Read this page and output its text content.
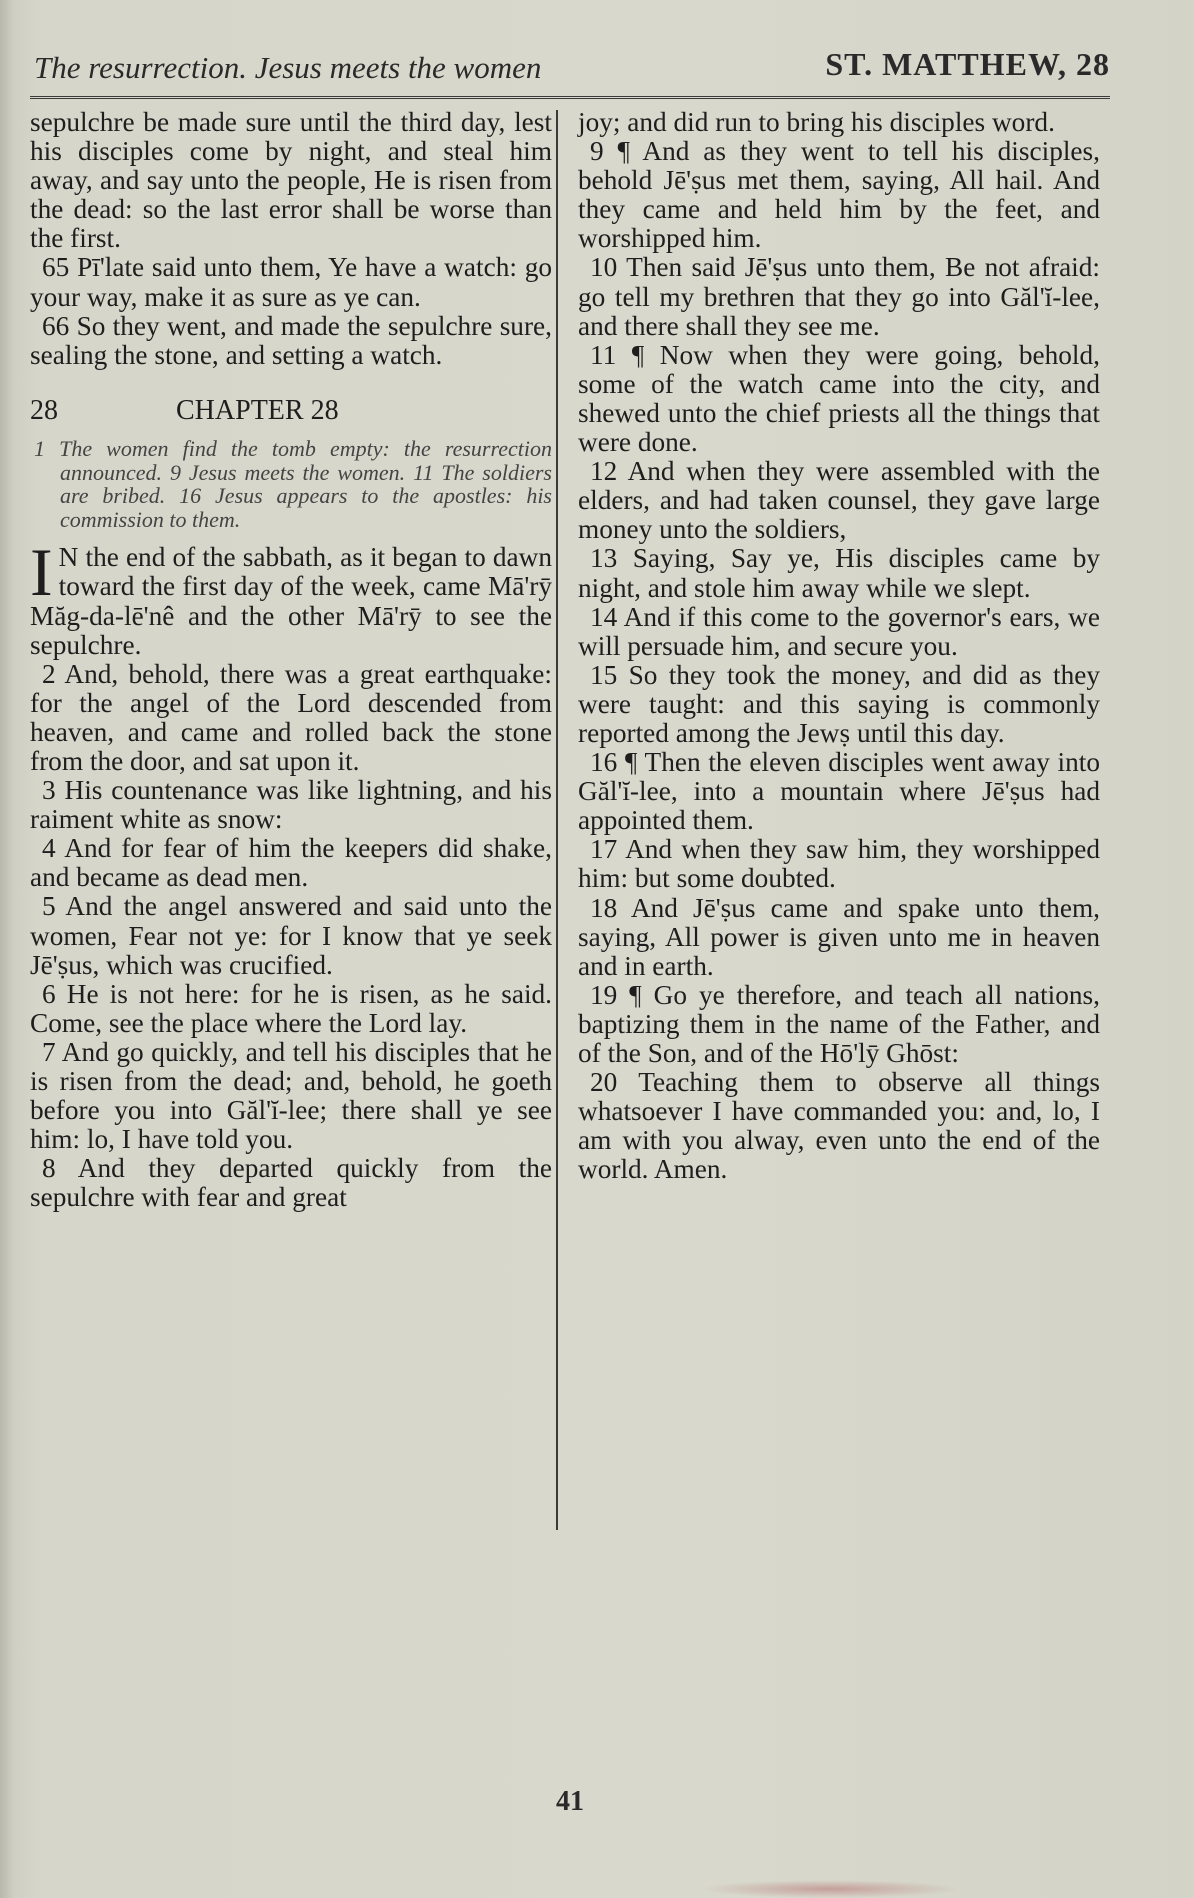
The resurrection. Jesus meets the women	ST. MATTHEW, 28

sepulchre be made sure until the third day, lest his disciples come by night, and steal him away, and say unto the people, He is risen from the dead: so the last error shall be worse than the first.

65 Pī'late said unto them, Ye have a watch: go your way, make it as sure as ye can.

66 So they went, and made the sepulchre sure, sealing the stone, and setting a watch.

28	CHAPTER 28

1 The women find the tomb empty: the resurrection announced. 9 Jesus meets the women. 11 The soldiers are bribed. 16 Jesus appears to the apostles: his commission to them.

I N the end of the sabbath, as it began to dawn toward the first day of the week, came Mā'rȳ Măg-da-lē'nê and the other Mā'rȳ to see the sepulchre.

2 And, behold, there was a great earthquake: for the angel of the Lord descended from heaven, and came and rolled back the stone from the door, and sat upon it.

3 His countenance was like lightning, and his raiment white as snow:

4 And for fear of him the keepers did shake, and became as dead men.

5 And the angel answered and said unto the women, Fear not ye: for I know that ye seek Jē'ṣus, which was crucified.

6 He is not here: for he is risen, as he said. Come, see the place where the Lord lay.

7 And go quickly, and tell his disciples that he is risen from the dead; and, behold, he goeth before you into Găl'ĭ-lee; there shall ye see him: lo, I have told you.

8 And they departed quickly from the sepulchre with fear and great

joy; and did run to bring his disciples word.

9 ¶ And as they went to tell his disciples, behold Jē'ṣus met them, saying, All hail. And they came and held him by the feet, and worshipped him.

10 Then said Jē'ṣus unto them, Be not afraid: go tell my brethren that they go into Găl'ĭ-lee, and there shall they see me.

11 ¶ Now when they were going, behold, some of the watch came into the city, and shewed unto the chief priests all the things that were done.

12 And when they were assembled with the elders, and had taken counsel, they gave large money unto the soldiers,

13 Saying, Say ye, His disciples came by night, and stole him away while we slept.

14 And if this come to the governor's ears, we will persuade him, and secure you.

15 So they took the money, and did as they were taught: and this saying is commonly reported among the Jewṣ until this day.

16 ¶ Then the eleven disciples went away into Găl'ĭ-lee, into a mountain where Jē'ṣus had appointed them.

17 And when they saw him, they worshipped him: but some doubted.

18 And Jē'ṣus came and spake unto them, saying, All power is given unto me in heaven and in earth.

19 ¶ Go ye therefore, and teach all nations, baptizing them in the name of the Father, and of the Son, and of the Hō'lȳ Ghōst:

20 Teaching them to observe all things whatsoever I have commanded you: and, lo, I am with you alway, even unto the end of the world. Amen.

41
